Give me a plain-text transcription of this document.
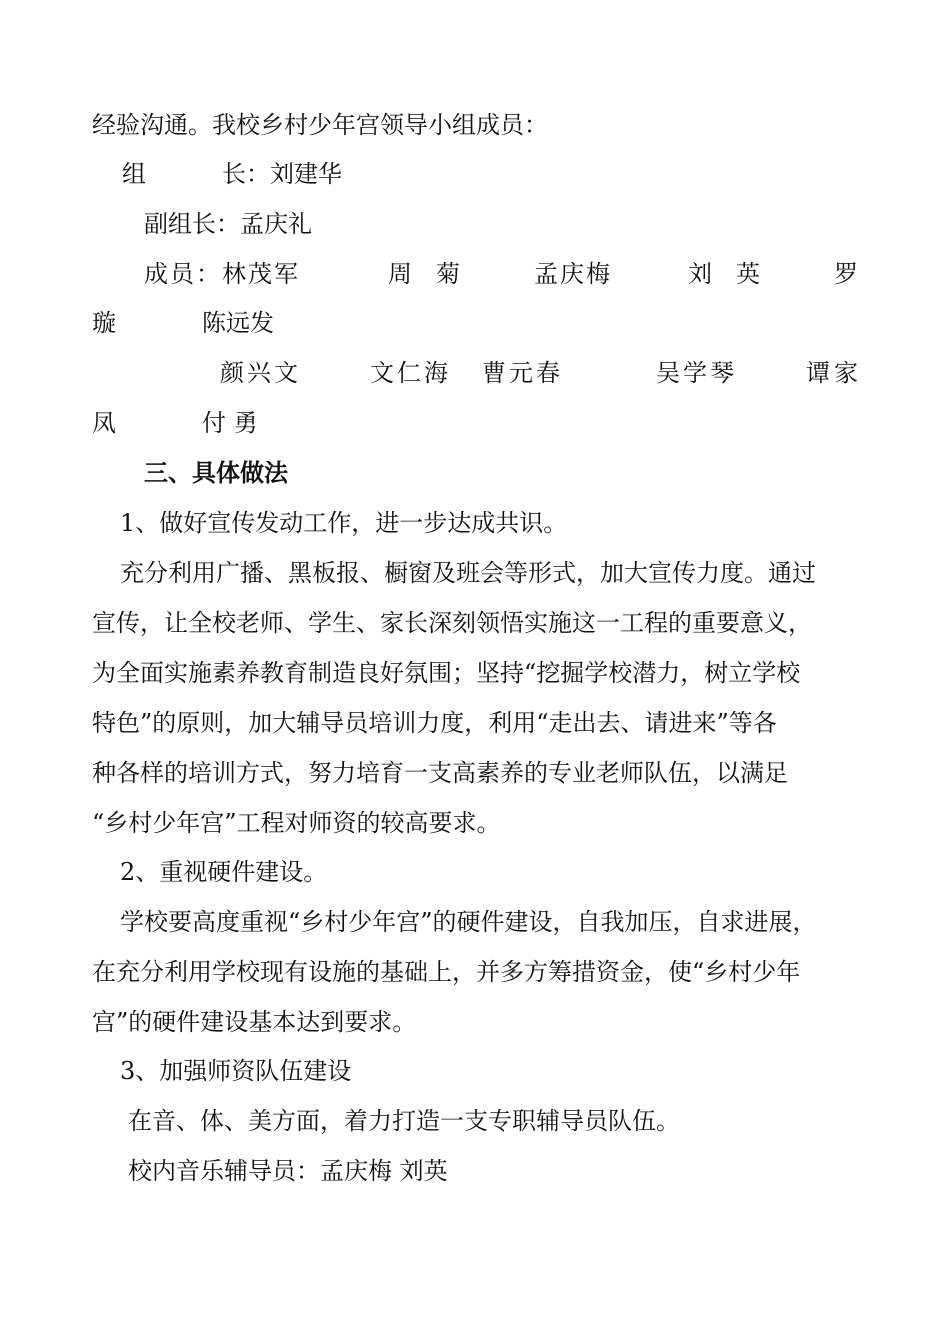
经验沟通。我校乡村少年宫领导小组成员：
组	长：刘建华
副组长：孟庆礼
成员：林茂军	周　菊	孟庆梅	刘　英	罗
璇	陈远发
颜兴文	文仁海 曹元春	吴学琴	谭家
凤	付 勇
三、具体做法
1、做好宣传发动工作，进一步达成共识。
充分利用广播、黑板报、橱窗及班会等形式，加大宣传力度。通过
宣传，让全校老师、学生、家长深刻领悟实施这一工程的重要意义，
为全面实施素养教育制造良好氛围；坚持“挖掘学校潜力，树立学校
特色”的原则，加大辅导员培训力度，利用“走出去、请进来”等各
种各样的培训方式，努力培育一支高素养的专业老师队伍，以满足
“乡村少年宫”工程对师资的较高要求。
2、重视硬件建设。
学校要高度重视“乡村少年宫”的硬件建设，自我加压，自求进展，
在充分利用学校现有设施的基础上，并多方筹措资金，使“乡村少年
宫”的硬件建设基本达到要求。
3、加强师资队伍建设
在音、体、美方面，着力打造一支专职辅导员队伍。
校内音乐辅导员：孟庆梅 刘英
